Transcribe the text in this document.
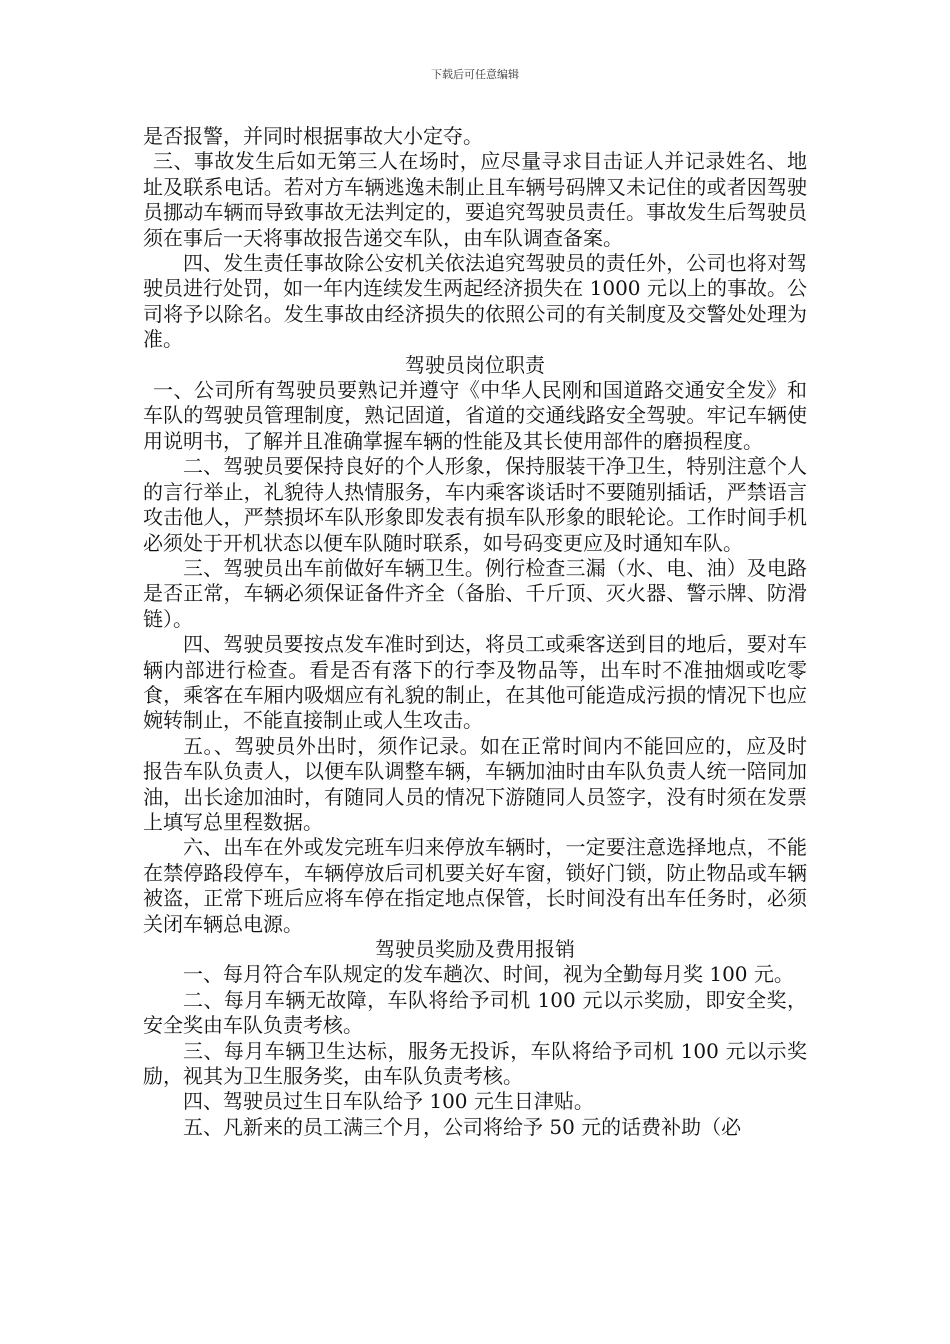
下载后可任意编辑

是否报警，并同时根据事故大小定夺。

三、事故发生后如无第三人在场时，应尽量寻求目击证人并记录姓名、地址及联系电话。若对方车辆逃逸未制止且车辆号码牌又未记住的或者因驾驶员挪动车辆而导致事故无法判定的，要追究驾驶员责任。事故发生后驾驶员须在事后一天将事故报告递交车队，由车队调查备案。

四、发生责任事故除公安机关依法追究驾驶员的责任外，公司也将对驾驶员进行处罚，如一年内连续发生两起经济损失在 1000 元以上的事故。公司将予以除名。发生事故由经济损失的依照公司的有关制度及交警处处理为准。

驾驶员岗位职责

一、公司所有驾驶员要熟记并遵守《中华人民刚和国道路交通安全发》和车队的驾驶员管理制度，熟记固道，省道的交通线路安全驾驶。牢记车辆使用说明书，了解并且准确掌握车辆的性能及其长使用部件的磨损程度。

二、驾驶员要保持良好的个人形象，保持服装干净卫生，特别注意个人的言行举止，礼貌待人热情服务，车内乘客谈话时不要随别插话，严禁语言攻击他人，严禁损坏车队形象即发表有损车队形象的眼轮论。工作时间手机必须处于开机状态以便车队随时联系，如号码变更应及时通知车队。

三、驾驶员出车前做好车辆卫生。例行检查三漏（水、电、油）及电路是否正常，车辆必须保证备件齐全（备胎、千斤顶、灭火器、警示牌、防滑链）。

四、驾驶员要按点发车准时到达，将员工或乘客送到目的地后，要对车辆内部进行检查。看是否有落下的行李及物品等，出车时不准抽烟或吃零食，乘客在车厢内吸烟应有礼貌的制止，在其他可能造成污损的情况下也应婉转制止，不能直接制止或人生攻击。

五。、驾驶员外出时，须作记录。如在正常时间内不能回应的，应及时报告车队负责人，以便车队调整车辆，车辆加油时由车队负责人统一陪同加油，出长途加油时，有随同人员的情况下游随同人员签字，没有时须在发票上填写总里程数据。

六、出车在外或发完班车归来停放车辆时，一定要注意选择地点，不能在禁停路段停车，车辆停放后司机要关好车窗，锁好门锁，防止物品或车辆被盗，正常下班后应将车停在指定地点保管，长时间没有出车任务时，必须关闭车辆总电源。

驾驶员奖励及费用报销

一、每月符合车队规定的发车趟次、时间，视为全勤每月奖 100 元。

二、每月车辆无故障，车队将给予司机 100 元以示奖励，即安全奖，安全奖由车队负责考核。

三、每月车辆卫生达标，服务无投诉，车队将给予司机 100 元以示奖励，视其为卫生服务奖，由车队负责考核。

四、驾驶员过生日车队给予 100 元生日津贴。

五、凡新来的员工满三个月，公司将给予 50 元的话费补助（必
